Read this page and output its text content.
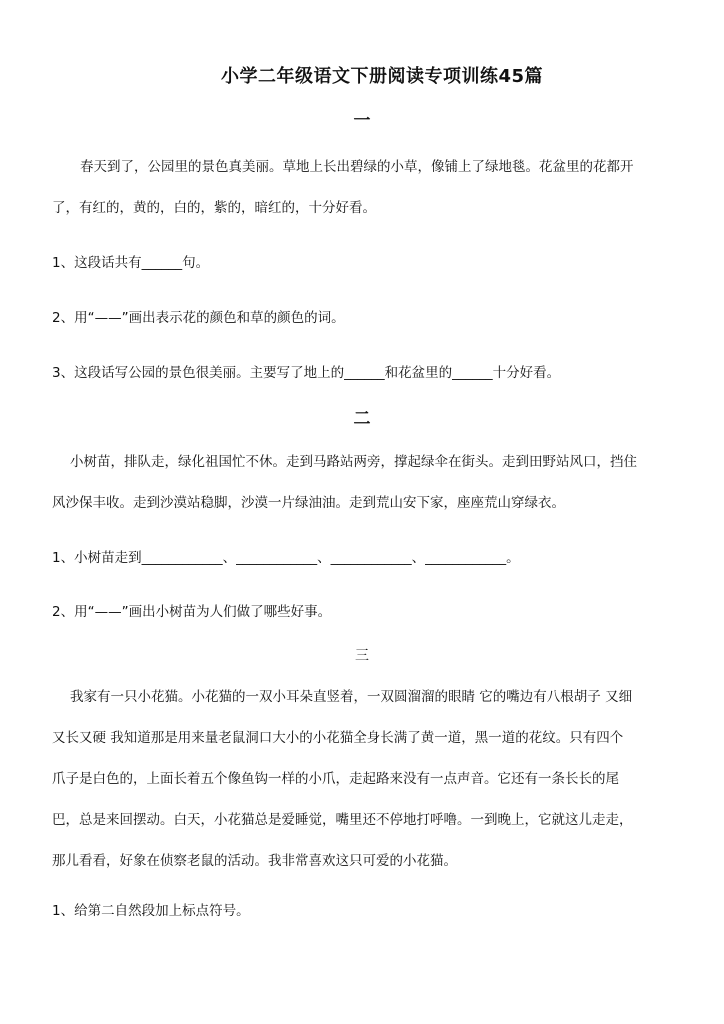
小学二年级语文下册阅读专项训练45篇
一
春天到了，公园里的景色真美丽。草地上长出碧绿的小草，像铺上了绿地毯。花盆里的花都开
了，有红的，黄的，白的，紫的，暗红的，十分好看。
1、这段话共有______句。
2、用“——”画出表示花的颜色和草的颜色的词。
3、这段话写公园的景色很美丽。主要写了地上的______和花盆里的______十分好看。
二
小树苗，排队走，绿化祖国忙不休。走到马路站两旁，撑起绿伞在街头。走到田野站风口，挡住
风沙保丰收。走到沙漠站稳脚，沙漠一片绿油油。走到荒山安下家，座座荒山穿绿衣。
1、小树苗走到____________、____________、____________、____________。
2、用“——”画出小树苗为人们做了哪些好事。
三
我家有一只小花猫。小花猫的一双小耳朵直竖着，一双圆溜溜的眼睛 它的嘴边有八根胡子 又细
又长又硬 我知道那是用来量老鼠洞口大小的小花猫全身长满了黄一道，黑一道的花纹。只有四个
爪子是白色的，上面长着五个像鱼钩一样的小爪，走起路来没有一点声音。它还有一条长长的尾
巴，总是来回摆动。白天，小花猫总是爱睡觉，嘴里还不停地打呼噜。一到晚上，它就这儿走走，
那儿看看，好象在侦察老鼠的活动。我非常喜欢这只可爱的小花猫。
1、给第二自然段加上标点符号。
